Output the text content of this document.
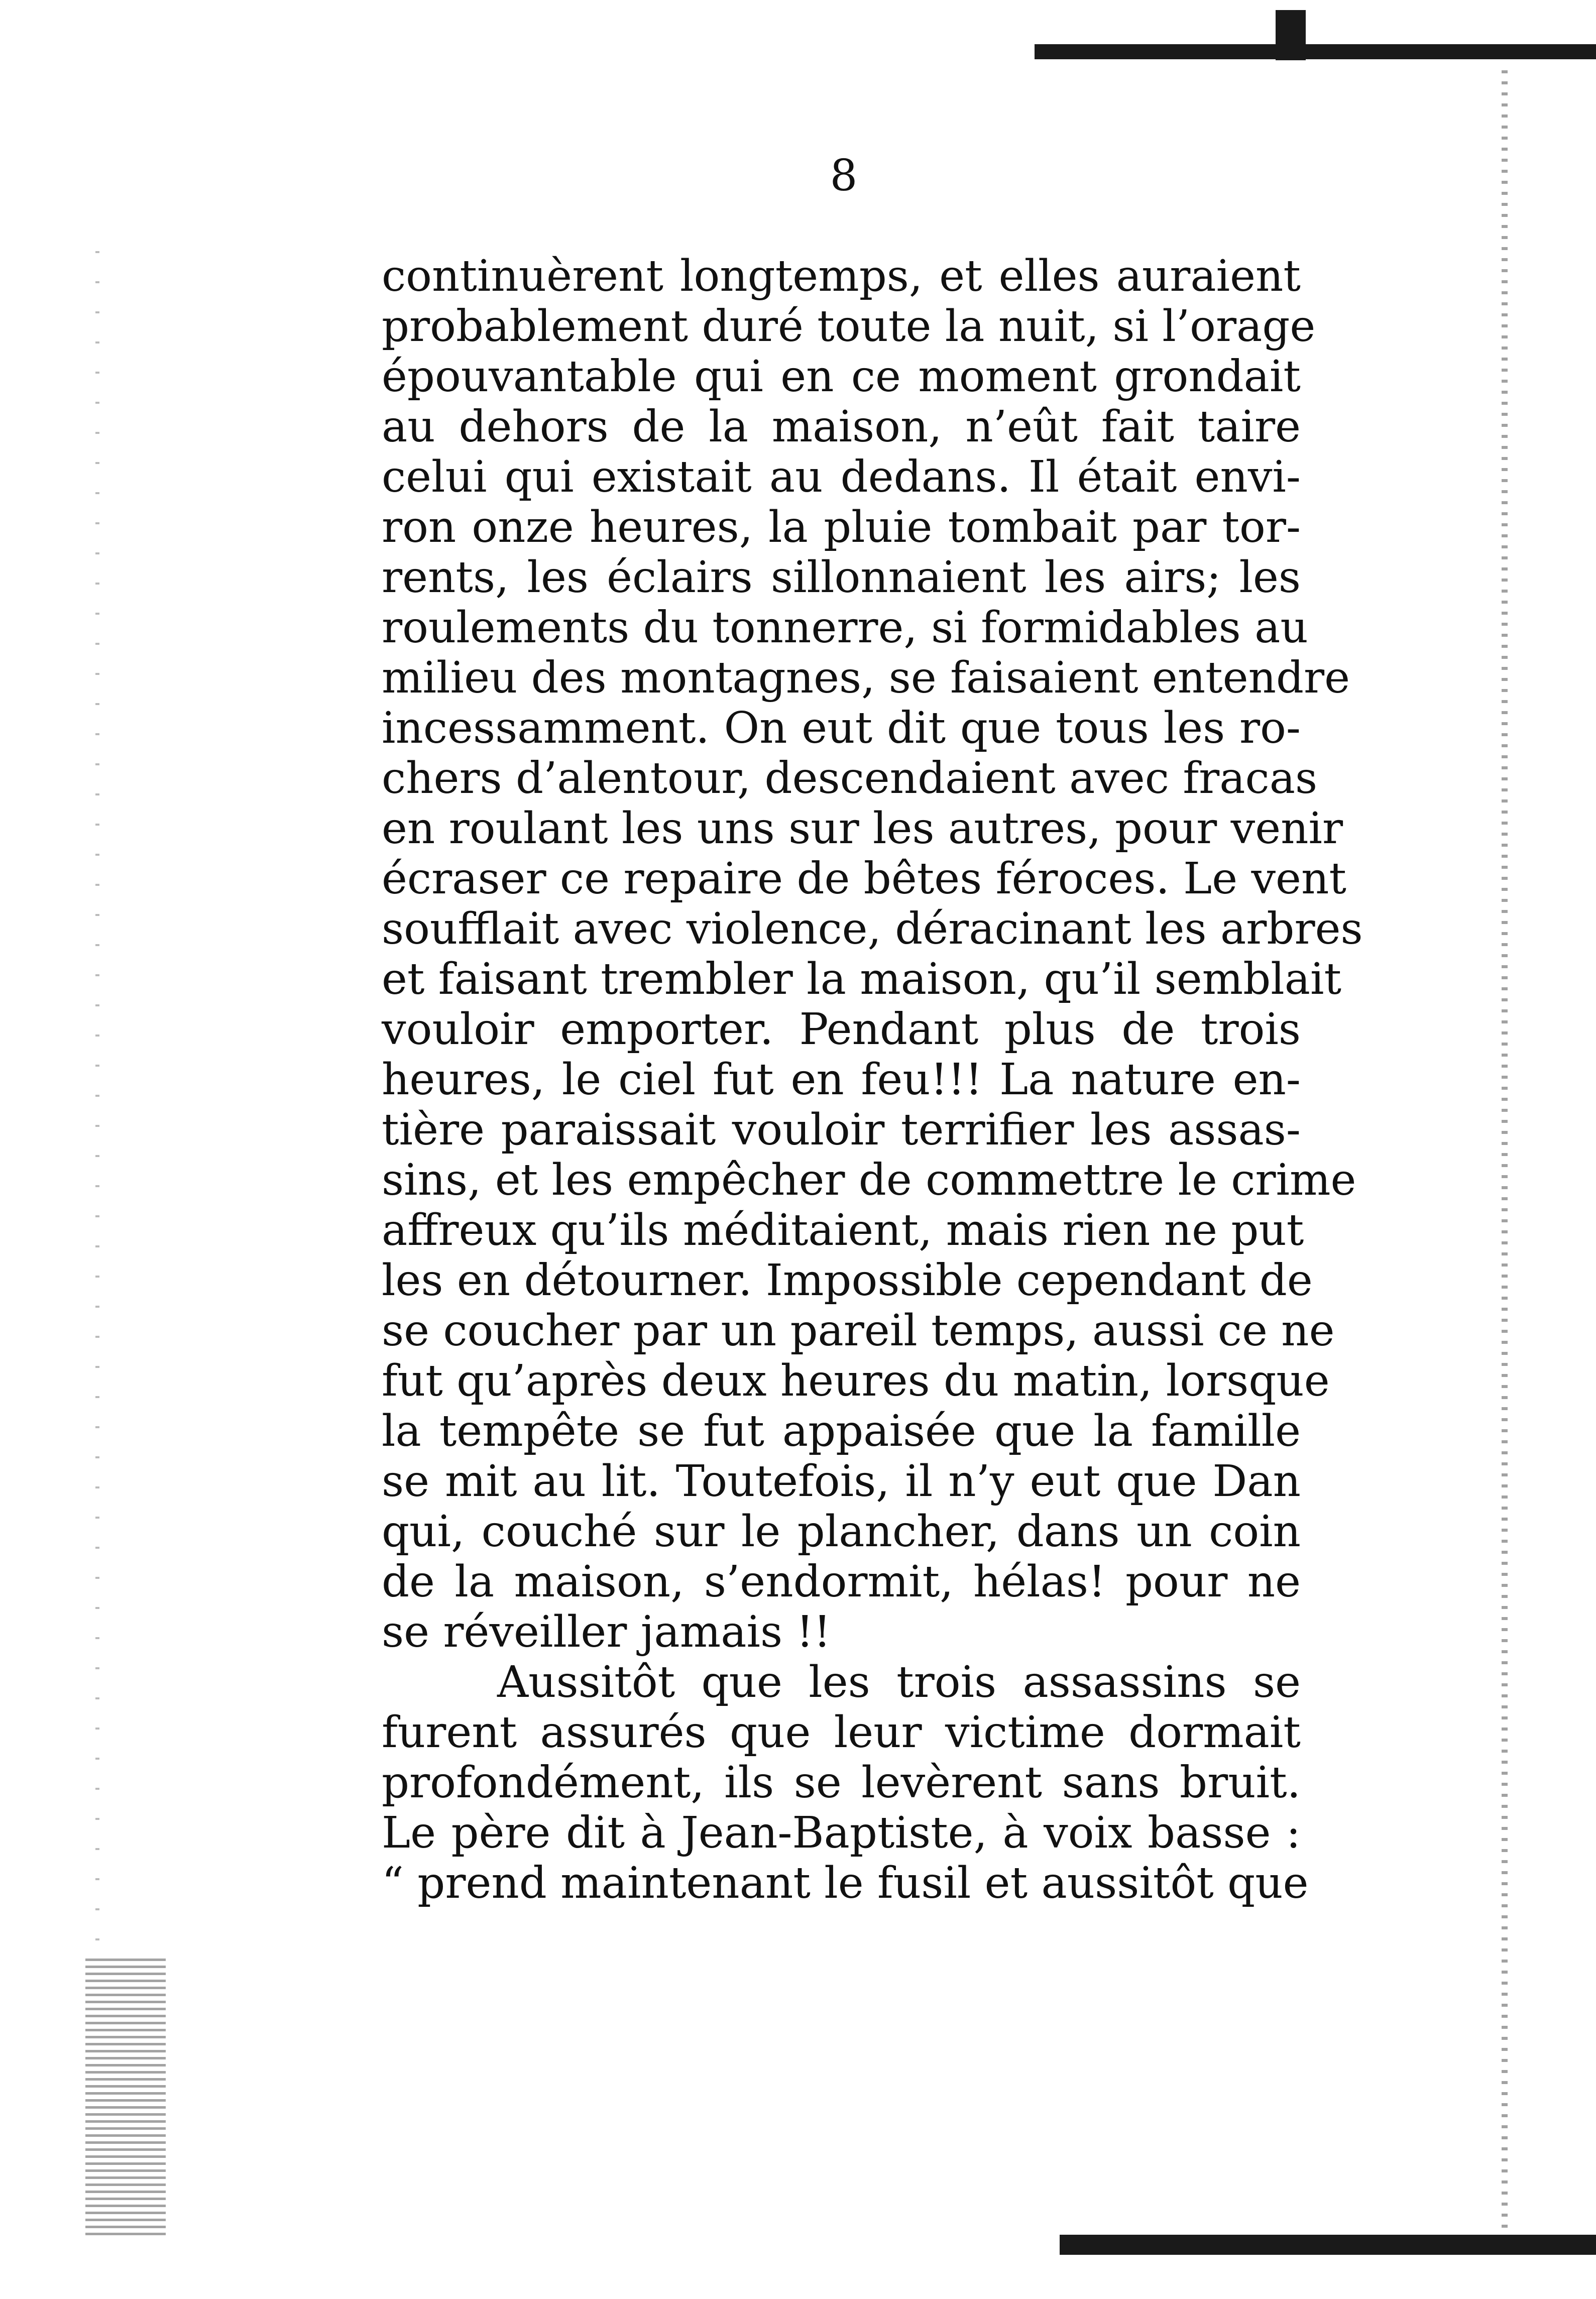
8
continuèrent longtemps, et elles auraient
probablement duré toute la nuit, si l’orage
épouvantable qui en ce moment grondait
au dehors de la maison, n’eût fait taire
celui qui existait au dedans. Il était envi-
ron onze heures, la pluie tombait par tor-
rents, les éclairs sillonnaient les airs; les
roulements du tonnerre, si formidables au
milieu des montagnes, se faisaient entendre
incessamment. On eut dit que tous les ro-
chers d’alentour, descendaient avec fracas
en roulant les uns sur les autres, pour venir
écraser ce repaire de bêtes féroces. Le vent
soufflait avec violence, déracinant les arbres
et faisant trembler la maison, qu’il semblait
vouloir emporter. Pendant plus de trois
heures, le ciel fut en feu!!! La nature en-
tière paraissait vouloir terrifier les assas-
sins, et les empêcher de commettre le crime
affreux qu’ils méditaient, mais rien ne put
les en détourner. Impossible cependant de
se coucher par un pareil temps, aussi ce ne
fut qu’après deux heures du matin, lorsque
la tempête se fut appaisée que la famille
se mit au lit. Toutefois, il n’y eut que Dan
qui, couché sur le plancher, dans un coin
de la maison, s’endormit, hélas! pour ne
se réveiller jamais !!
Aussitôt que les trois assassins se
furent assurés que leur victime dormait
profondément, ils se levèrent sans bruit.
Le père dit à Jean-Baptiste, à voix basse :
“ prend maintenant le fusil et aussitôt que
